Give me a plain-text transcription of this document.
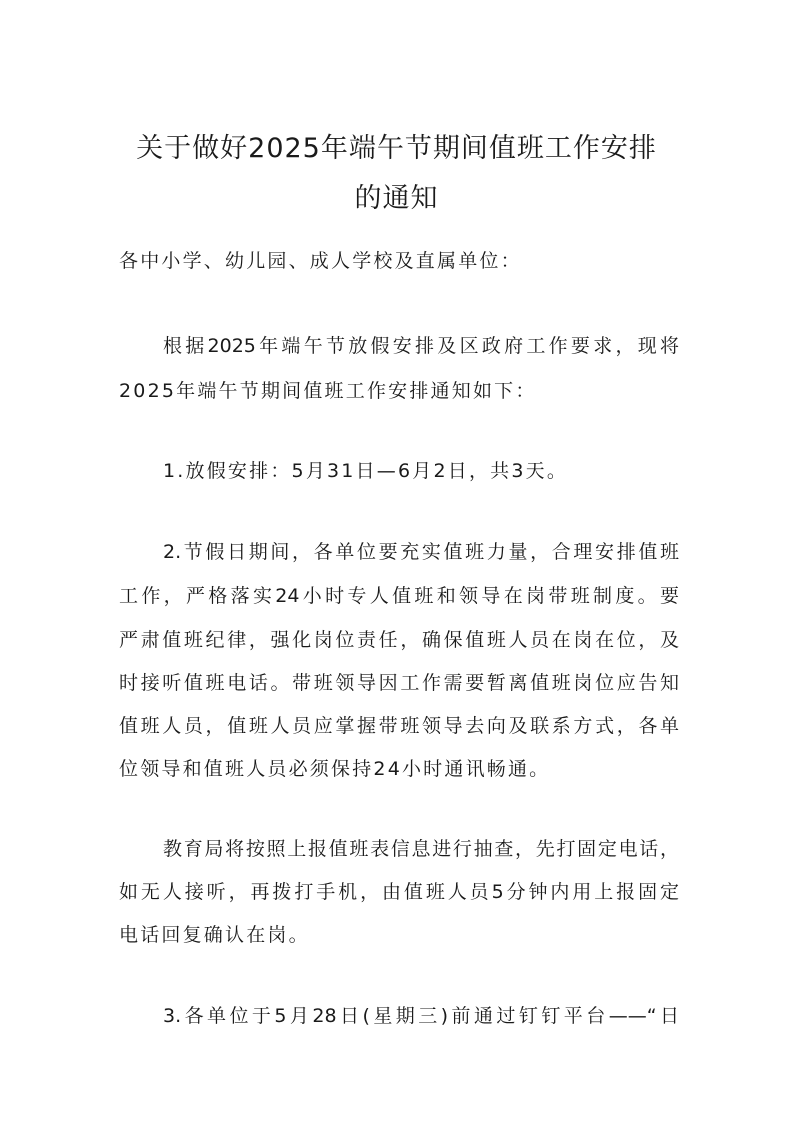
关于做好2025年端午节期间值班工作安排
的通知
各中小学、幼儿园、成人学校及直属单位：
根据2025年端午节放假安排及区政府工作要求，现将
2025年端午节期间值班工作安排通知如下：
1.放假安排：5月31日—6月2日，共3天。
2.节假日期间，各单位要充实值班力量，合理安排值班
工作，严格落实24小时专人值班和领导在岗带班制度。要
严肃值班纪律，强化岗位责任，确保值班人员在岗在位，及
时接听值班电话。带班领导因工作需要暂离值班岗位应告知
值班人员，值班人员应掌握带班领导去向及联系方式，各单
位领导和值班人员必须保持24小时通讯畅通。
教育局将按照上报值班表信息进行抽查，先打固定电话，
如无人接听，再拨打手机，由值班人员5分钟内用上报固定
电话回复确认在岗。
3.各单位于5月28日(星期三)前通过钉钉平台——“日
